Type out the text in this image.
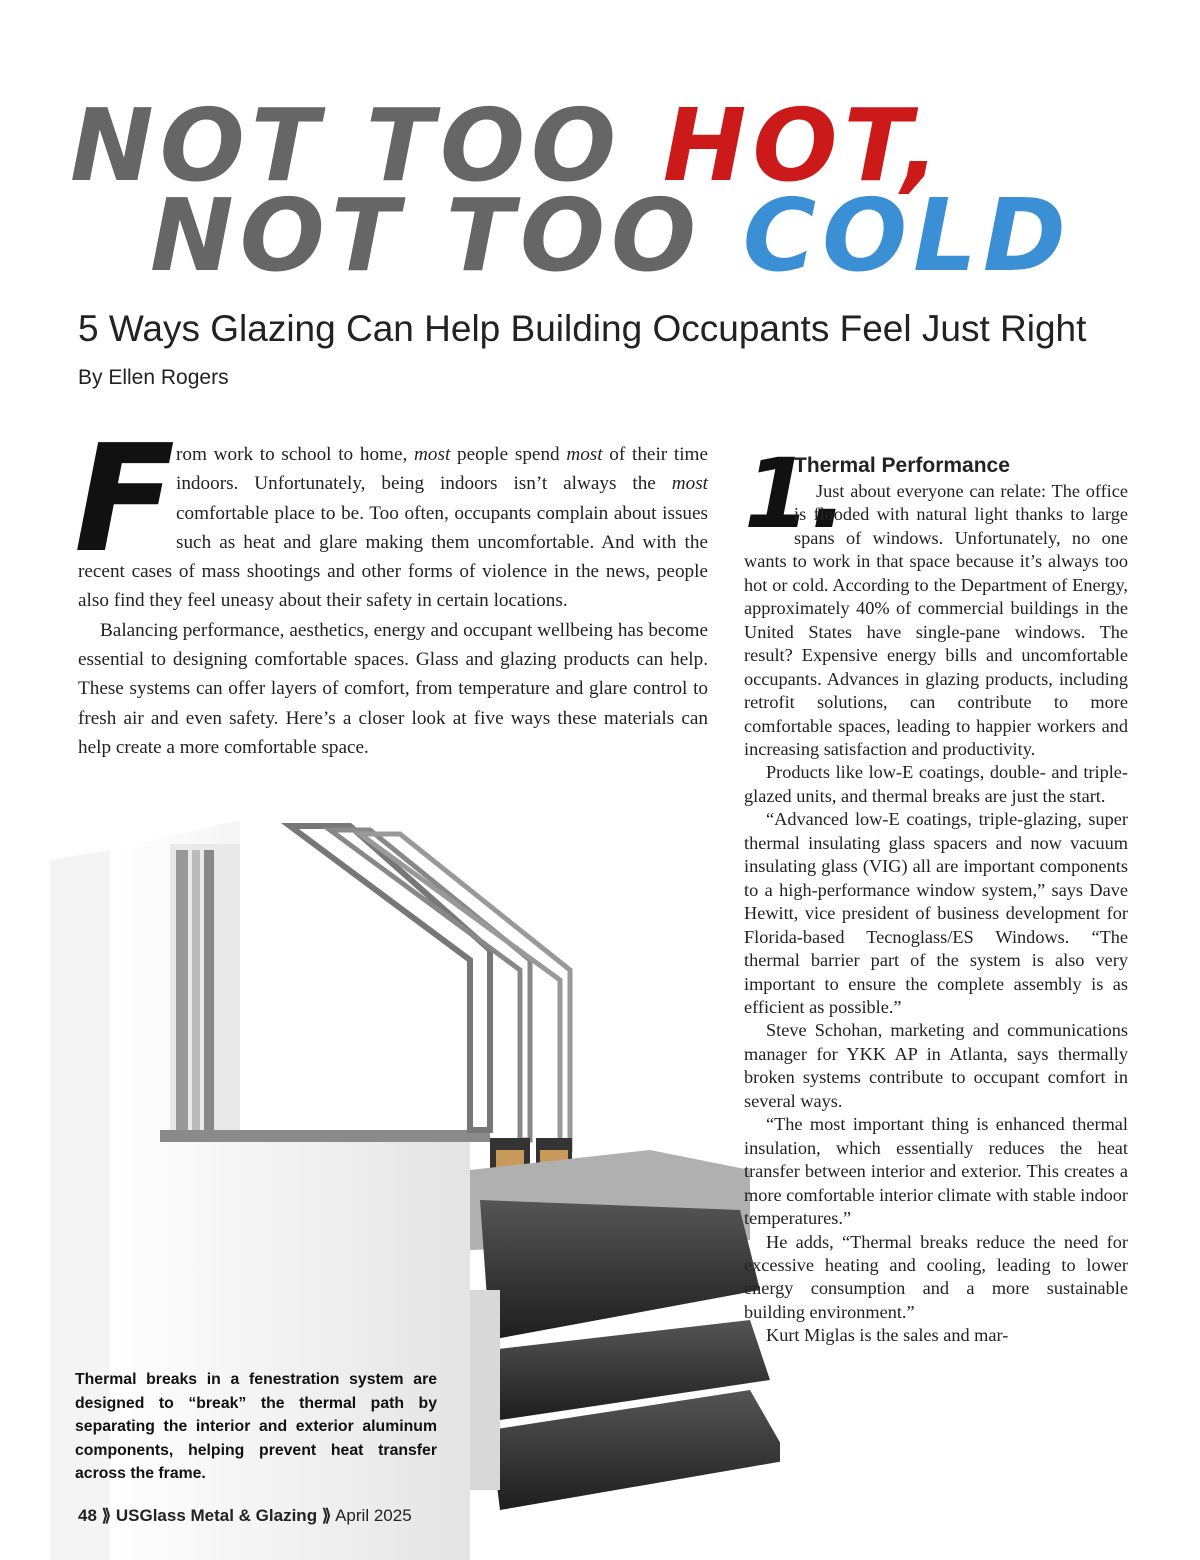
NOT TOO HOT,
NOT TOO COLD
5 Ways Glazing Can Help Building Occupants Feel Just Right
By Ellen Rogers
F rom work to school to home, most people spend most of their time indoors. Unfortunately, being indoors isn’t always the most comfortable place to be. Too often, occupants complain about issues such as heat and glare making them uncomfortable. And with the recent cases of mass shootings and other forms of violence in the news, people also find they feel uneasy about their safety in certain locations.

Balancing performance, aesthetics, energy and occupant wellbeing has become essential to designing comfortable spaces. Glass and glazing products can help. These systems can offer layers of comfort, from temperature and glare control to fresh air and even safety. Here’s a closer look at five ways these materials can help create a more comfortable space.

1.
Thermal Performance

Just about everyone can relate: The office is flooded with natural light thanks to large spans of windows. Unfortunately, no one wants to work in that space because it’s always too hot or cold. According to the Department of Energy, approximately 40% of commercial buildings in the United States have single-pane windows. The result? Expensive energy bills and uncomfortable occupants. Advances in glazing products, including retrofit solutions, can contribute to more comfortable spaces, leading to happier workers and increasing satisfaction and productivity.

Products like low-E coatings, double- and triple-glazed units, and thermal breaks are just the start.

“Advanced low-E coatings, triple-glazing, super thermal insulating glass spacers and now vacuum insulating glass (VIG) all are important components to a high-performance window system,” says Dave Hewitt, vice president of business development for Florida-based Tecnoglass/ES Windows. “The thermal barrier part of the system is also very important to ensure the complete assembly is as efficient as possible.”

Steve Schohan, marketing and communications manager for YKK AP in Atlanta, says thermally broken systems contribute to occupant comfort in several ways.

“The most important thing is enhanced thermal insulation, which essentially reduces the heat transfer between interior and exterior. This creates a more comfortable interior climate with stable indoor temperatures.”

He adds, “Thermal breaks reduce the need for excessive heating and cooling, leading to lower energy consumption and a more sustainable building environment.”

Kurt Miglas is the sales and mar-

Thermal breaks in a fenestration system are designed to “break” the thermal path by separating the interior and exterior aluminum components, helping prevent heat transfer across the frame.
48 ⟫ USGlass Metal & Glazing ⟫ April 2025
